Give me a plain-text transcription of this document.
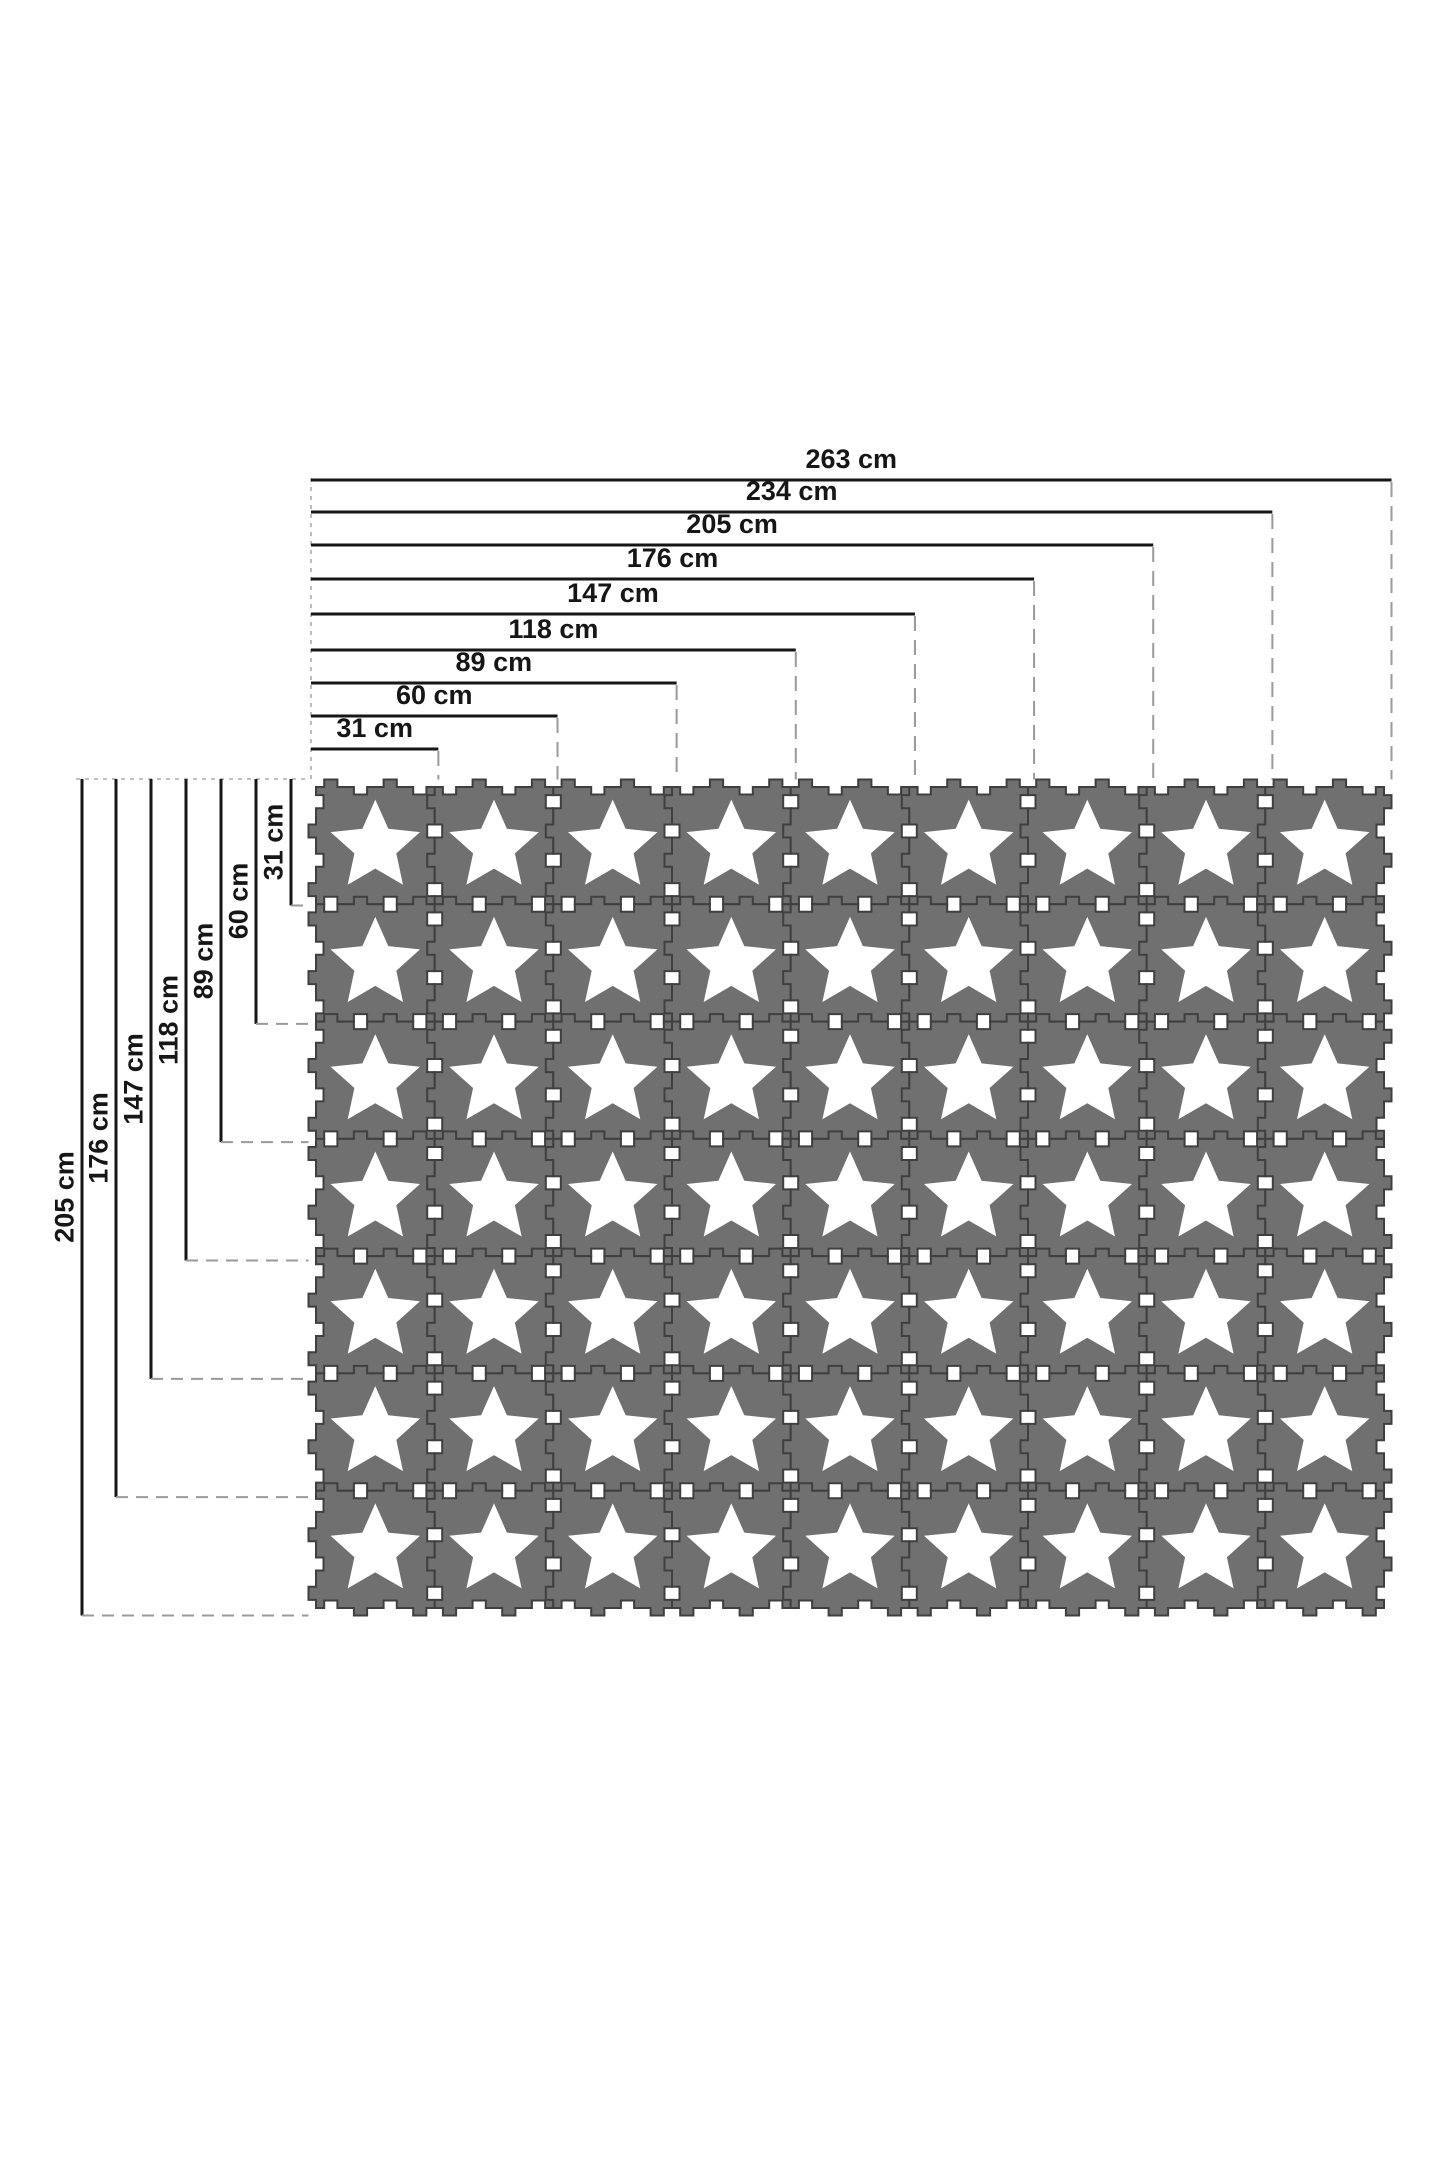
263 cm
234 cm
205 cm
176 cm
147 cm
118 cm
89 cm
60 cm
31 cm
205 cm
176 cm
147 cm
118 cm
89 cm
60 cm
31 cm
